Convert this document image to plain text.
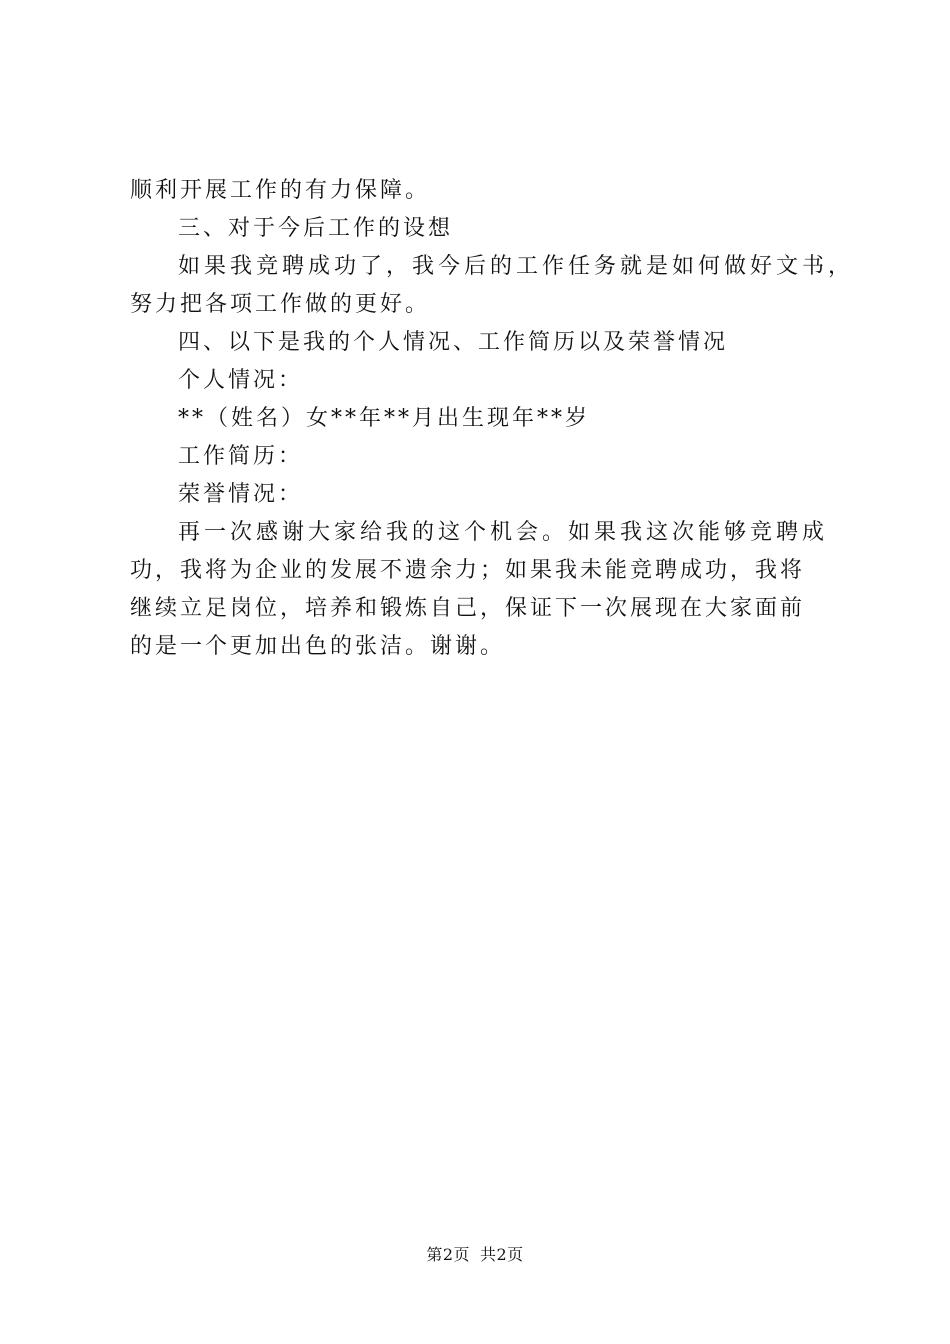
顺利开展工作的有力保障。

三、对于今后工作的设想

如果我竞聘成功了，我今后的工作任务就是如何做好文书，

努力把各项工作做的更好。

四、以下是我的个人情况、工作简历以及荣誉情况

个人情况：

**（姓名）女**年**月出生现年**岁

工作简历：

荣誉情况：

再一次感谢大家给我的这个机会。如果我这次能够竞聘成

功，我将为企业的发展不遗余力；如果我未能竞聘成功，我将

继续立足岗位，培养和锻炼自己，保证下一次展现在大家面前

的是一个更加出色的张洁。谢谢。

第2页 共2页
